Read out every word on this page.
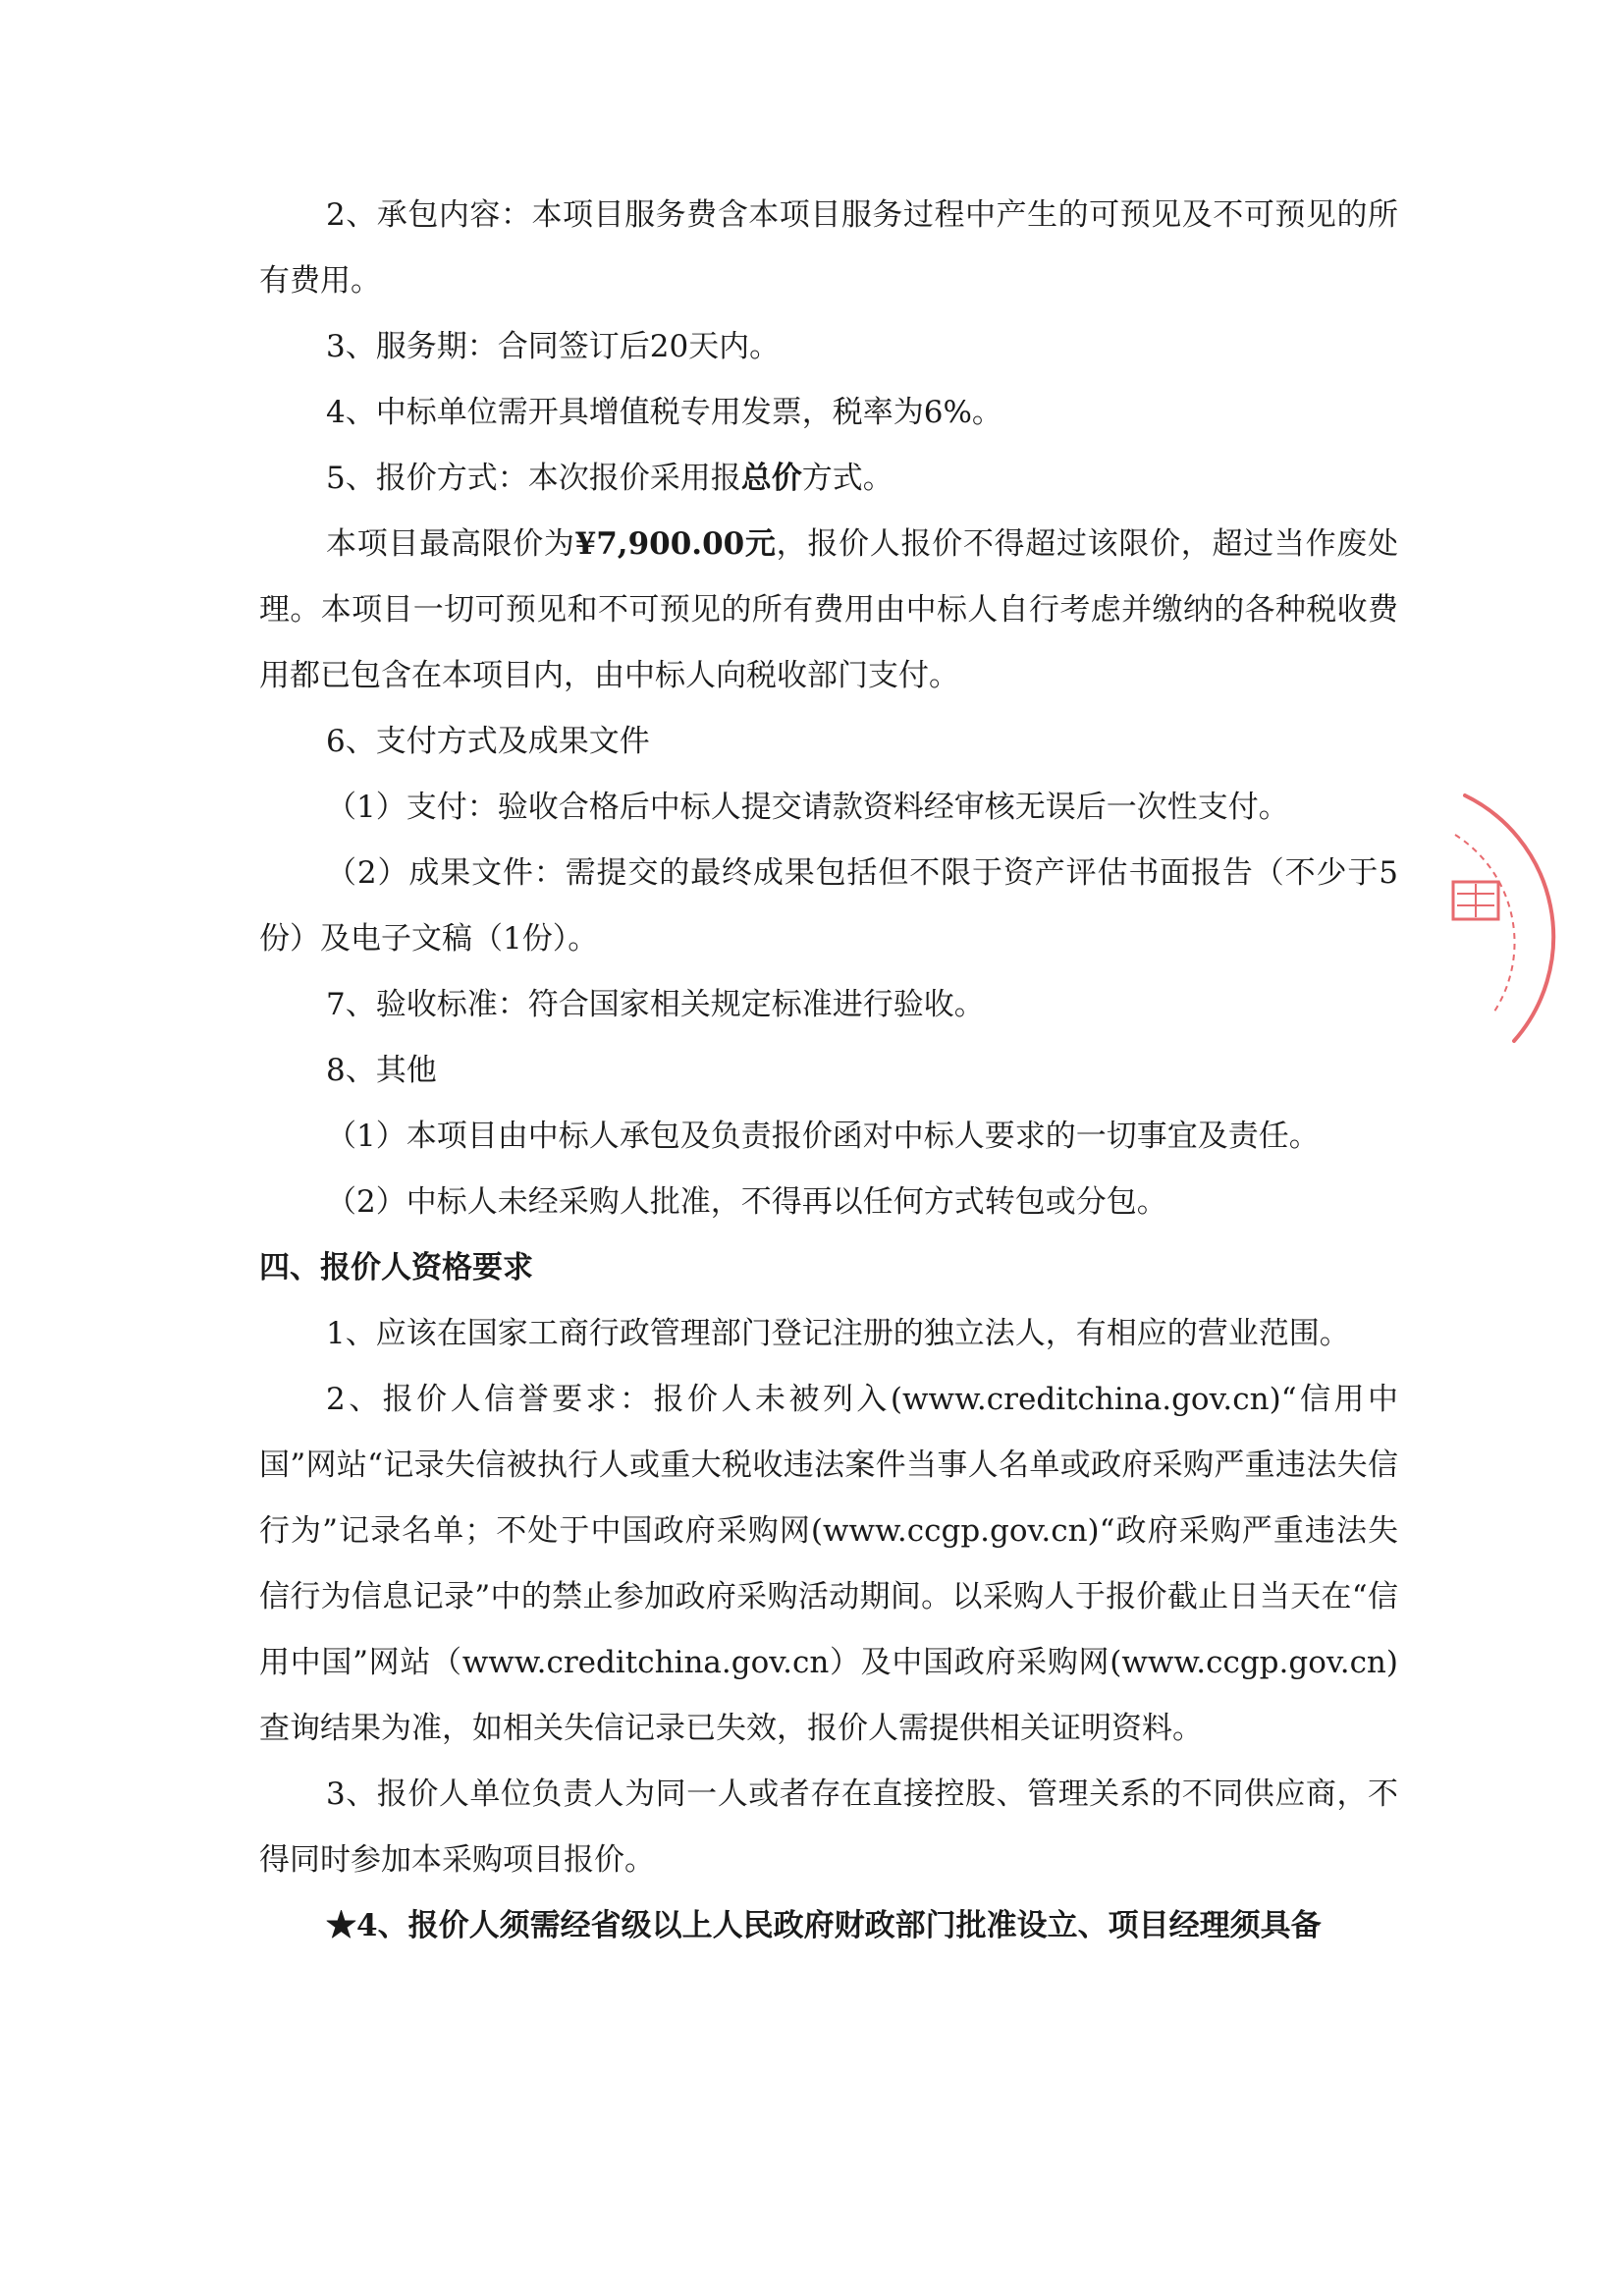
2、承包内容：本项目服务费含本项目服务过程中产生的可预见及不可预见的所有费用。

3、服务期：合同签订后20天内。

4、中标单位需开具增值税专用发票，税率为6%。

5、报价方式：本次报价采用报总价方式。

本项目最高限价为¥7,900.00元，报价人报价不得超过该限价，超过当作废处理。本项目一切可预见和不可预见的所有费用由中标人自行考虑并缴纳的各种税收费用都已包含在本项目内，由中标人向税收部门支付。

6、支付方式及成果文件

（1）支付：验收合格后中标人提交请款资料经审核无误后一次性支付。

（2）成果文件：需提交的最终成果包括但不限于资产评估书面报告（不少于5份）及电子文稿（1份）。

7、验收标准：符合国家相关规定标准进行验收。

8、其他

（1）本项目由中标人承包及负责报价函对中标人要求的一切事宜及责任。

（2）中标人未经采购人批准，不得再以任何方式转包或分包。

四、报价人资格要求

1、应该在国家工商行政管理部门登记注册的独立法人，有相应的营业范围。

2、报价人信誉要求：报价人未被列入(www.creditchina.gov.cn)“信用中国”网站“记录失信被执行人或重大税收违法案件当事人名单或政府采购严重违法失信行为”记录名单；不处于中国政府采购网(www.ccgp.gov.cn)“政府采购严重违法失信行为信息记录”中的禁止参加政府采购活动期间。以采购人于报价截止日当天在“信用中国”网站（www.creditchina.gov.cn）及中国政府采购网(www.ccgp.gov.cn)查询结果为准，如相关失信记录已失效，报价人需提供相关证明资料。

3、报价人单位负责人为同一人或者存在直接控股、管理关系的不同供应商，不得同时参加本采购项目报价。

★4、报价人须需经省级以上人民政府财政部门批准设立、项目经理须具备
